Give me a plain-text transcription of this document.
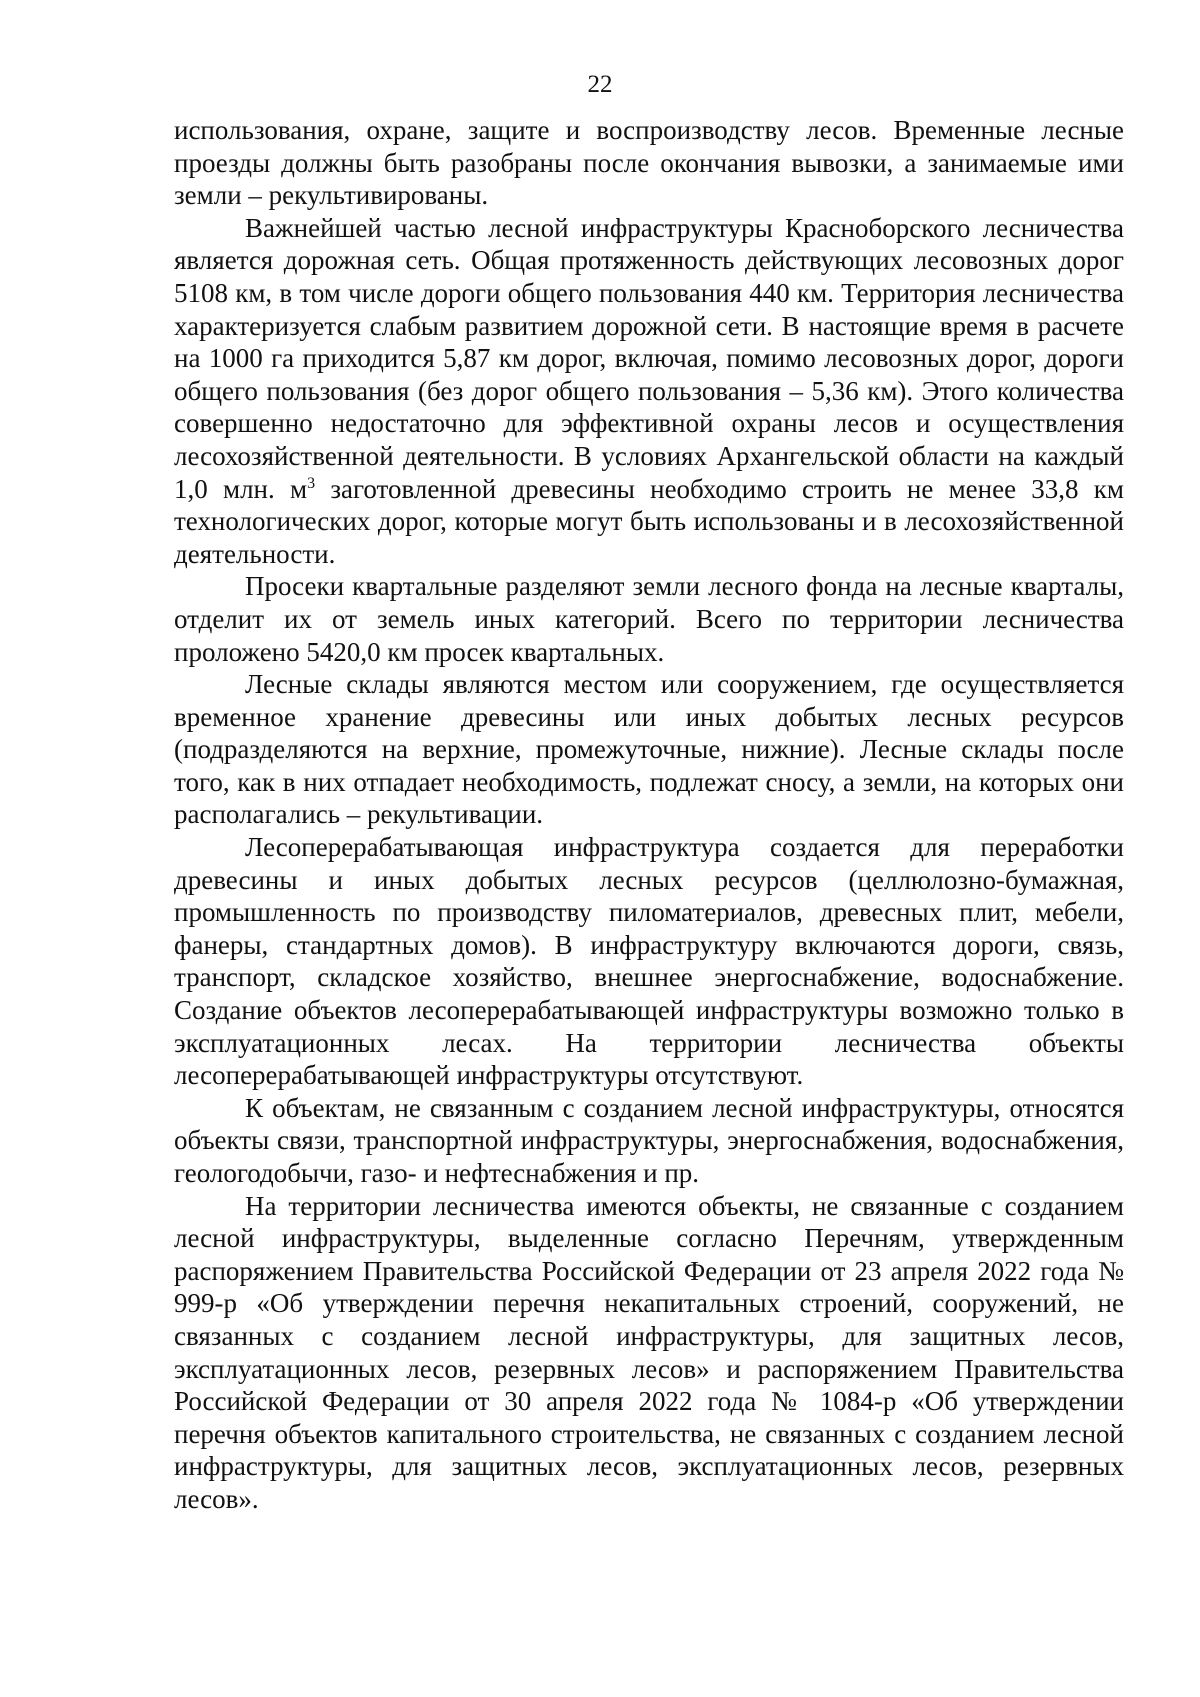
22

использования, охране, защите и воспроизводству лесов. Временные лесные проезды должны быть разобраны после окончания вывозки, а занимаемые ими земли – рекультивированы.

Важнейшей частью лесной инфраструктуры Красноборского лесничества является дорожная сеть. Общая протяженность действующих лесовозных дорог 5108 км, в том числе дороги общего пользования 440 км. Территория лесничества характеризуется слабым развитием дорожной сети. В настоящие время в расчете на 1000 га приходится 5,87 км дорог, включая, помимо лесовозных дорог, дороги общего пользования (без дорог общего пользования – 5,36 км). Этого количества совершенно недостаточно для эффективной охраны лесов и осуществления лесохозяйственной деятельности. В условиях Архангельской области на каждый 1,0 млн. $м^3$ заготовленной древесины необходимо строить не менее 33,8 км технологических дорог, которые могут быть использованы и в лесохозяйственной деятельности.

Просеки квартальные разделяют земли лесного фонда на лесные кварталы, отделит их от земель иных категорий. Всего по территории лесничества проложено 5420,0 км просек квартальных.

Лесные склады являются местом или сооружением, где осуществляется временное хранение древесины или иных добытых лесных ресурсов (подразделяются на верхние, промежуточные, нижние). Лесные склады после того, как в них отпадает необходимость, подлежат сносу, а земли, на которых они располагались – рекультивации.

Лесоперерабатывающая инфраструктура создается для переработки древесины и иных добытых лесных ресурсов (целлюлозно-бумажная, промышленность по производству пиломатериалов, древесных плит, мебели, фанеры, стандартных домов). В инфраструктуру включаются дороги, связь, транспорт, складское хозяйство, внешнее энергоснабжение, водоснабжение. Создание объектов лесоперерабатывающей инфраструктуры возможно только в эксплуатационных лесах. На территории лесничества объекты лесоперерабатывающей инфраструктуры отсутствуют.

К объектам, не связанным с созданием лесной инфраструктуры, относятся объекты связи, транспортной инфраструктуры, энергоснабжения, водоснабжения, геологодобычи, газо- и нефтеснабжения и пр.

На территории лесничества имеются объекты, не связанные с созданием лесной инфраструктуры, выделенные согласно Перечням, утвержденным распоряжением Правительства Российской Федерации от 23 апреля 2022 года № 999-р «Об утверждении перечня некапитальных строений, сооружений, не связанных с созданием лесной инфраструктуры, для защитных лесов, эксплуатационных лесов, резервных лесов» и распоряжением Правительства Российской Федерации от 30 апреля 2022 года № 1084-р «Об утверждении перечня объектов капитального строительства, не связанных с созданием лесной инфраструктуры, для защитных лесов, эксплуатационных лесов, резервных лесов».
